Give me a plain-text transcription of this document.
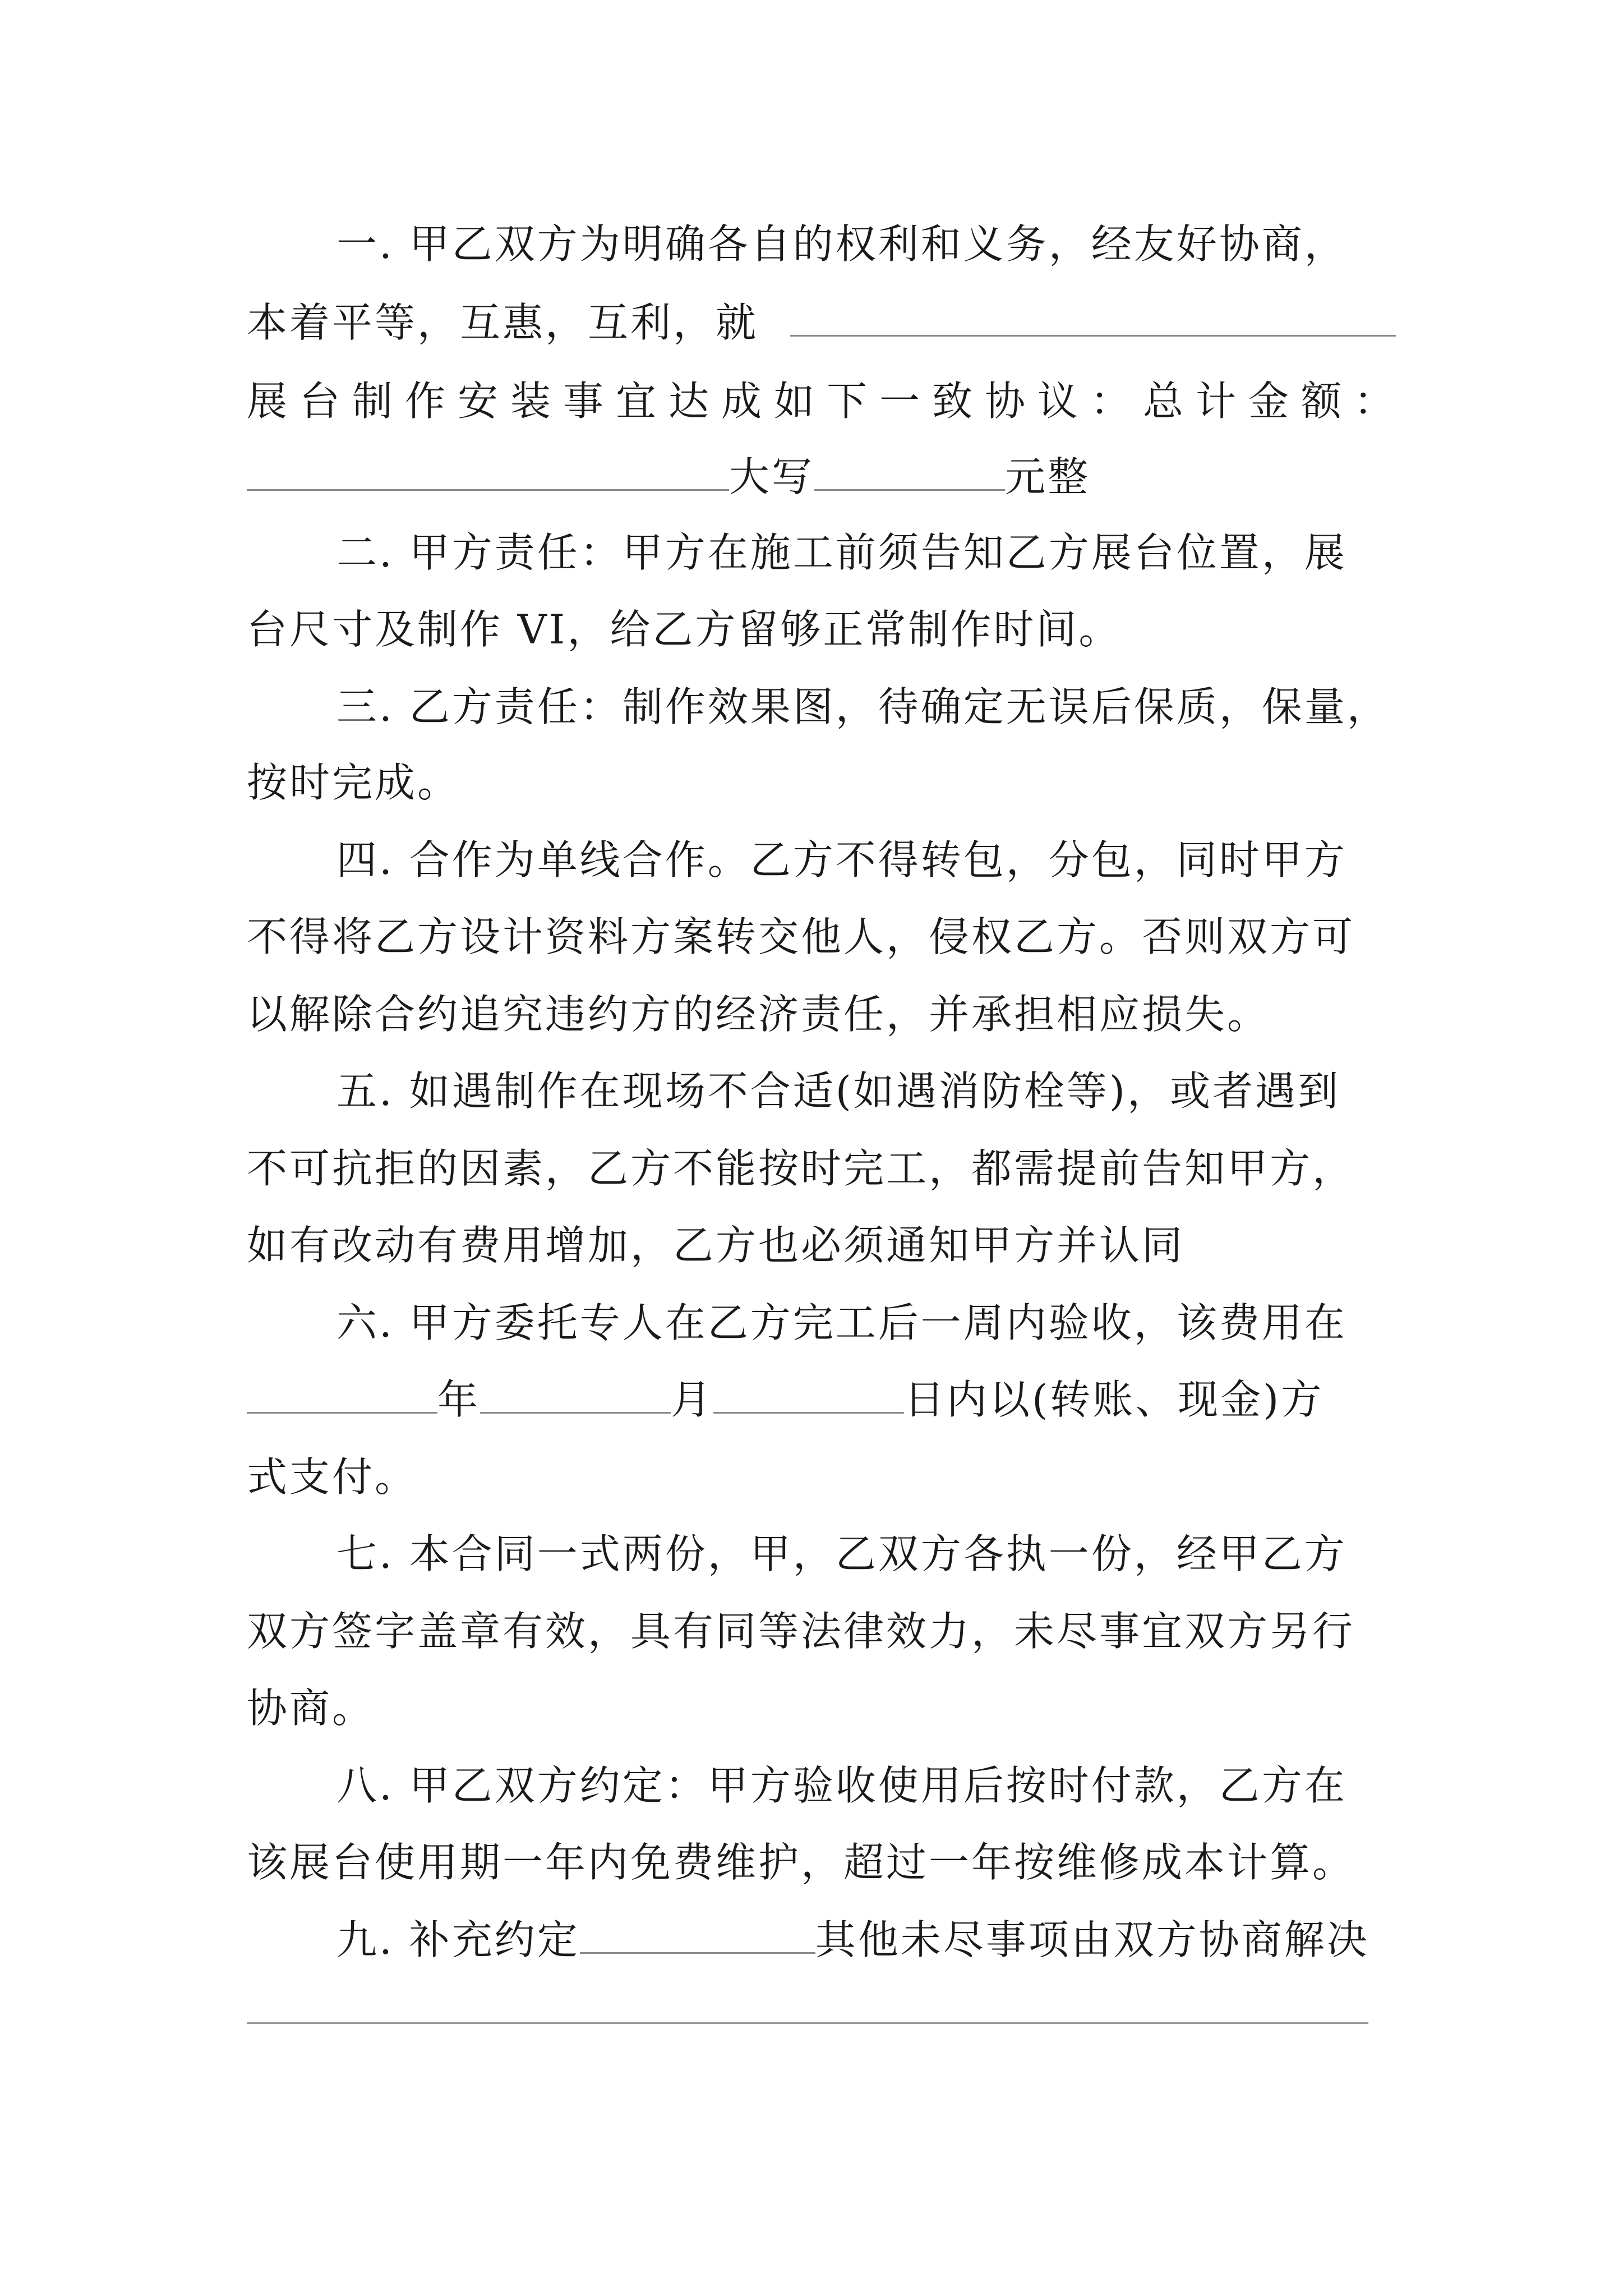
一. 甲乙双方为明确各自的权利和义务，经友好协商，
本着平等，互惠，互利，就
展台制作安装事宜达成如下一致协议：总计金额：
大写	元整
二. 甲方责任：甲方在施工前须告知乙方展台位置，展
台尺寸及制作 VI，给乙方留够正常制作时间。
三. 乙方责任：制作效果图，待确定无误后保质，保量，
按时完成。
四. 合作为单线合作。乙方不得转包，分包，同时甲方
不得将乙方设计资料方案转交他人，侵权乙方。否则双方可
以解除合约追究违约方的经济责任，并承担相应损失。
五. 如遇制作在现场不合适(如遇消防栓等)，或者遇到
不可抗拒的因素，乙方不能按时完工，都需提前告知甲方，
如有改动有费用增加，乙方也必须通知甲方并认同
六. 甲方委托专人在乙方完工后一周内验收，该费用在
年	月	日内以(转账、现金)方
式支付。
七. 本合同一式两份，甲，乙双方各执一份，经甲乙方
双方签字盖章有效，具有同等法律效力，未尽事宜双方另行
协商。
八. 甲乙双方约定：甲方验收使用后按时付款，乙方在
该展台使用期一年内免费维护，超过一年按维修成本计算。
九. 补充约定	其他未尽事项由双方协商解决
